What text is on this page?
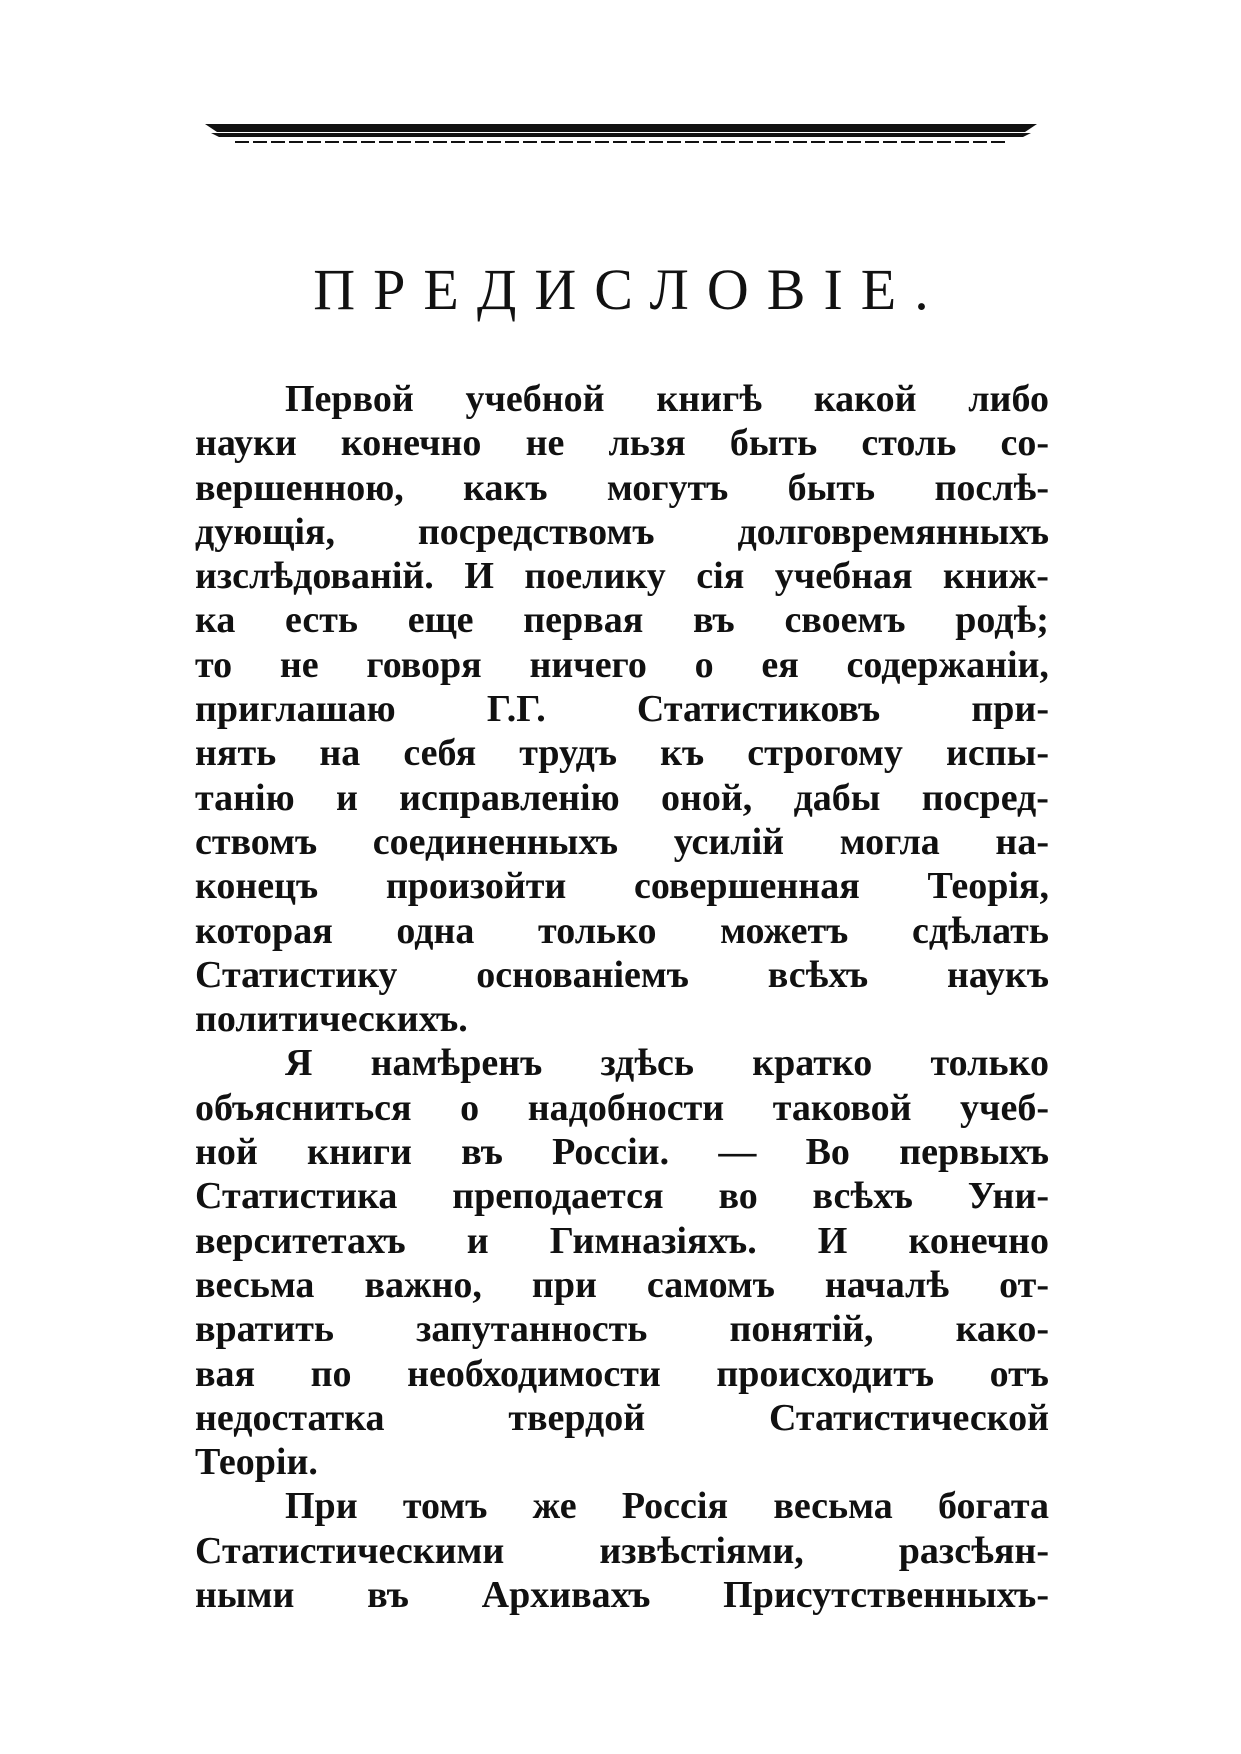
ПРЕДИСЛОВІЕ.
Первой учебной книгѣ какой либо
науки конечно не льзя быть столь со-
вершенною, какъ могутъ быть послѣ-
дующія, посредствомъ долговремянныхъ
изслѣдованій. И поелику сія учебная книж-
ка есть еще первая въ своемъ родѣ;
то не говоря ничего о ея содержаніи,
приглашаю Г.Г. Статистиковъ при-
нять на себя трудъ къ строгому испы-
танію и исправленію оной, дабы посред-
ствомъ соединенныхъ усилій могла на-
конецъ произойти совершенная Теорія,
которая одна только можетъ сдѣлать
Статистику основаніемъ всѣхъ наукъ
политическихъ.
Я намѣренъ здѣсь кратко только
объясниться о надобности таковой учеб-
ной книги въ Россіи. — Во первыхъ
Статистика преподается во всѣхъ Уни-
верситетахъ и Гимназіяхъ. И конечно
весьма важно, при самомъ началѣ от-
вратить запутанность понятій, како-
вая по необходимости происходитъ отъ
недостатка	твердой	Статистической
Теоріи.
При томъ же Россія весьма богата
Статистическими	извѣстіями,	разсѣян-
ными въ Архивахъ Присутственныхъ-
